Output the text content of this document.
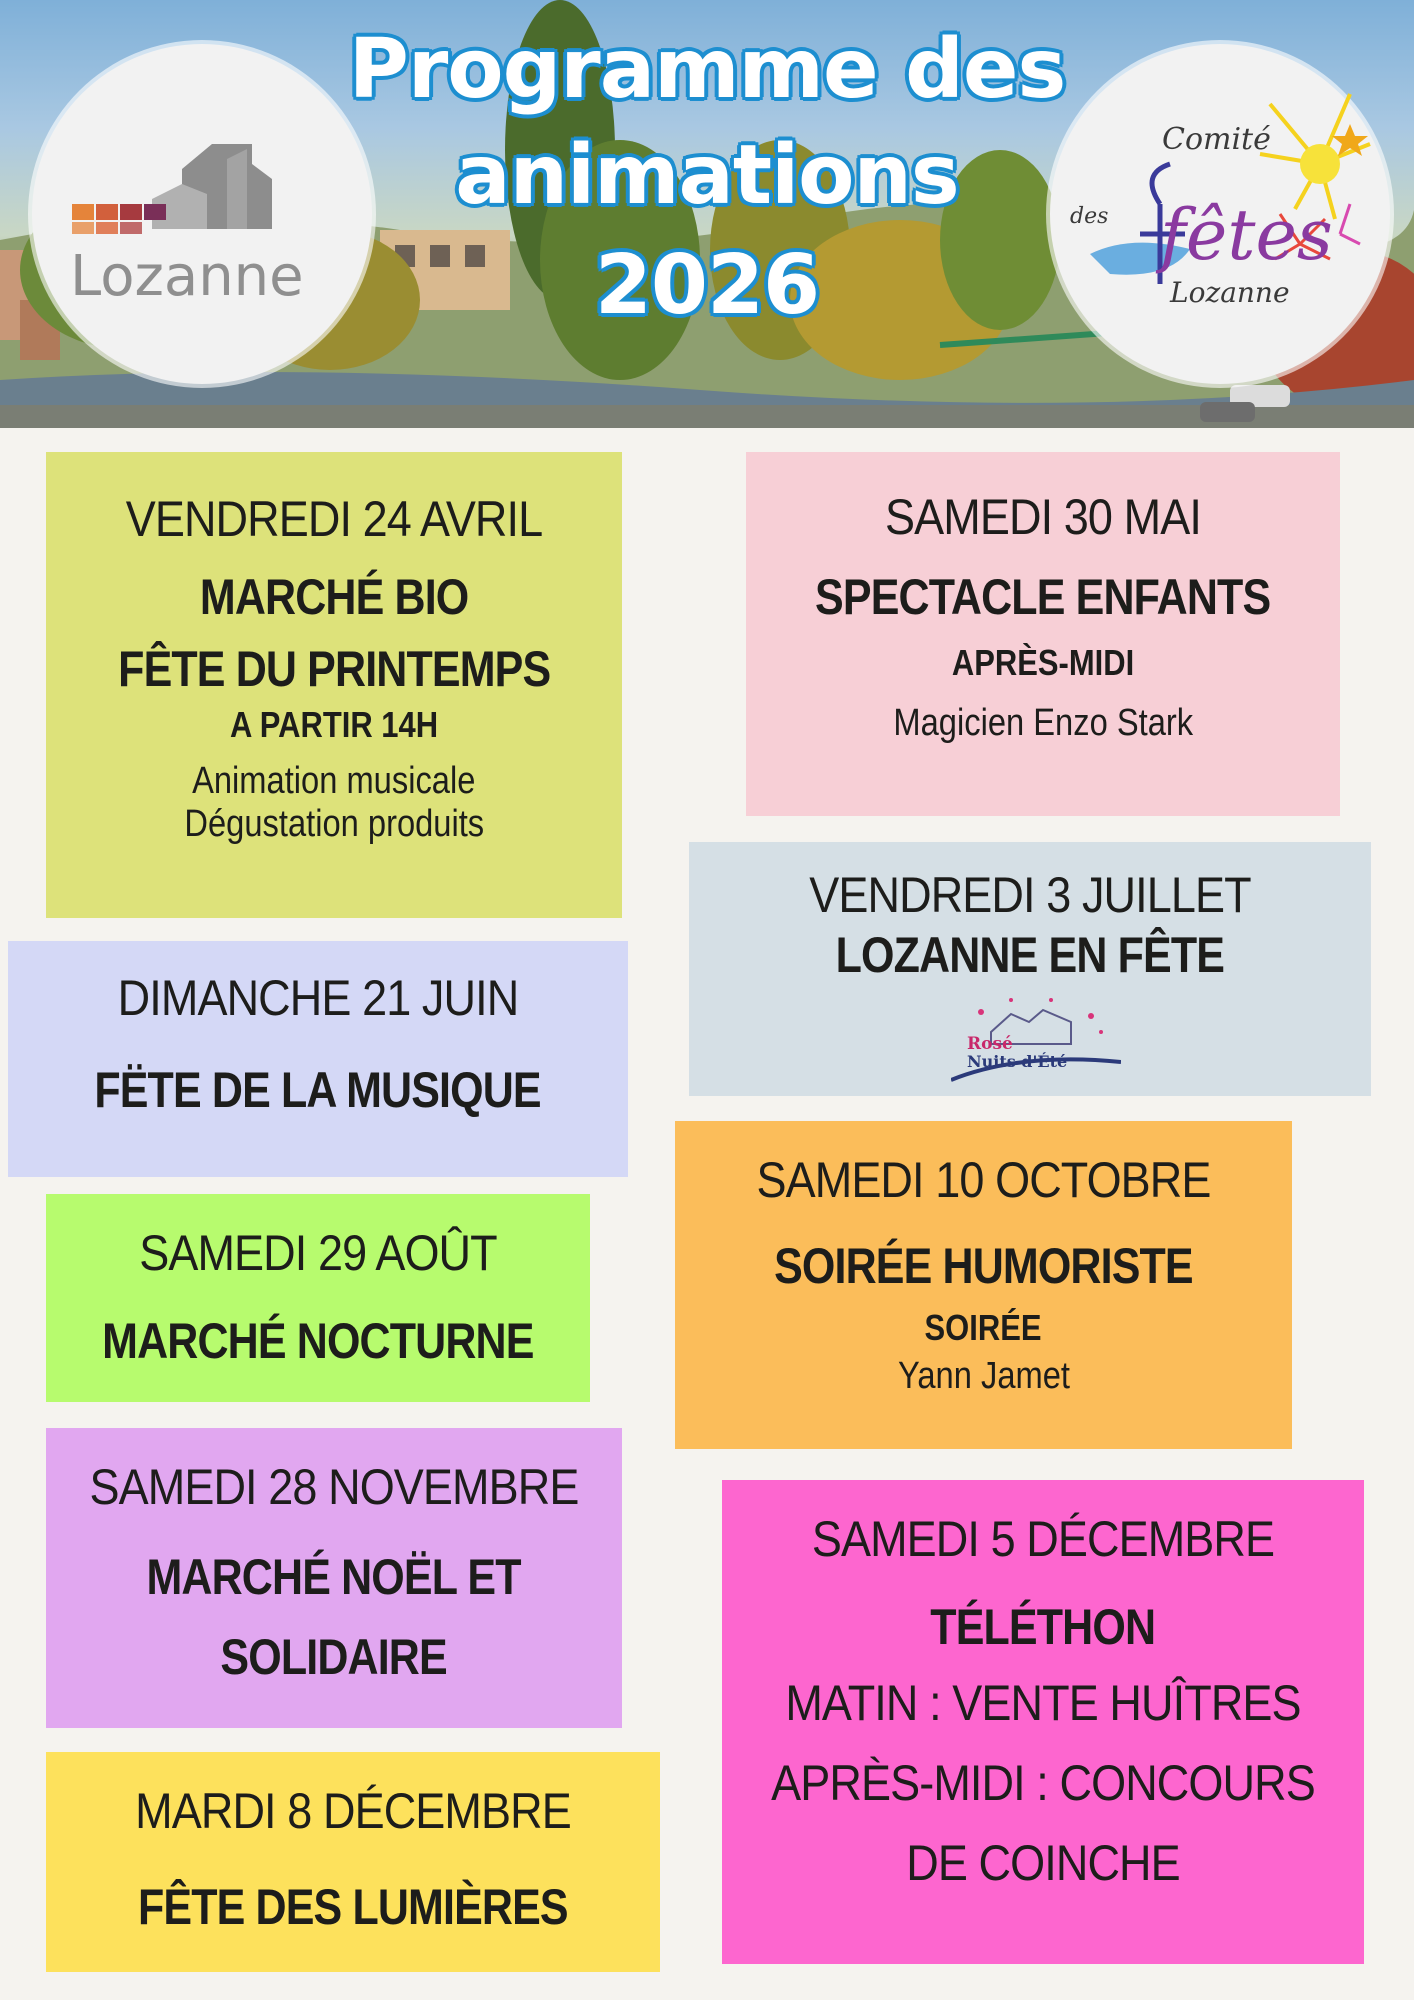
Lozanne
Comité
des fêtes
Lozanne
Programme des
animations
2026
VENDREDI 24 AVRIL
MARCHÉ BIO
FÊTE DU PRINTEMPS
A PARTIR 14H
Animation musicale
Dégustation produits
SAMEDI 30 MAI
SPECTACLE ENFANTS
APRÈS-MIDI
Magicien Enzo Stark
VENDREDI 3 JUILLET
LOZANNE EN FÊTE
Rosé
Nuits d'Été
DIMANCHE 21 JUIN
FËTE DE LA MUSIQUE
SAMEDI 10 OCTOBRE
SOIRÉE HUMORISTE
SOIRÉE
Yann Jamet
SAMEDI 29 AOÛT
MARCHÉ NOCTURNE
SAMEDI 28 NOVEMBRE
MARCHÉ NOËL ET
SOLIDAIRE
SAMEDI 5 DÉCEMBRE
TÉLÉTHON
MATIN : VENTE HUÎTRES
APRÈS-MIDI : CONCOURS
DE COINCHE
MARDI 8 DÉCEMBRE
FÊTE DES LUMIÈRES
